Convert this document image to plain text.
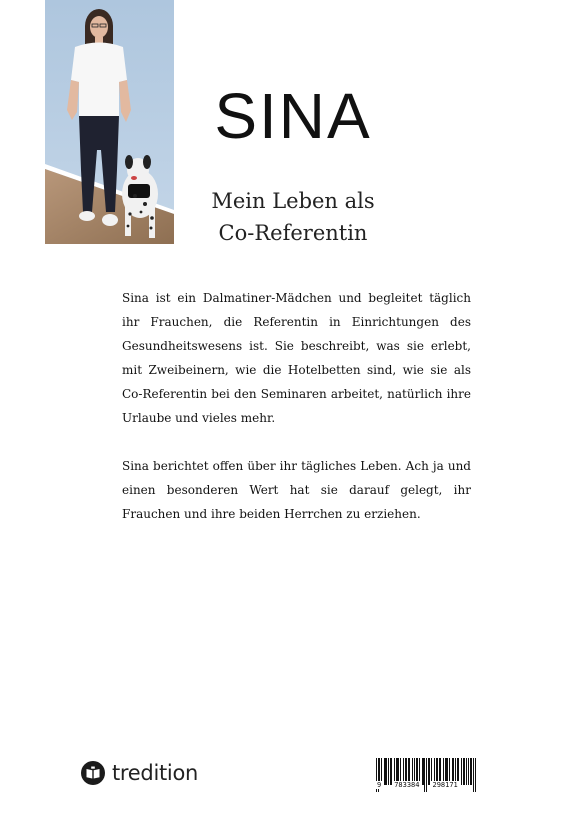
SINA
Mein Leben als
Co-Referentin

Sina ist ein Dalmatiner-Mädchen und begleitet täglich ihr Frauchen, die Referentin in Einrichtungen des Gesundheitswesens ist. Sie beschreibt, was sie erlebt, mit Zweibeinern, wie die Hotelbetten sind, wie sie als Co-Referentin bei den Seminaren arbeitet, natürlich ihre Urlaube und vieles mehr.

Sina berichtet offen über ihr tägliches Leben. Ach ja und einen besonderen Wert hat sie darauf gelegt, ihr Frauchen und ihre beiden Herrchen zu erziehen.

tredition	9 783384 298171
